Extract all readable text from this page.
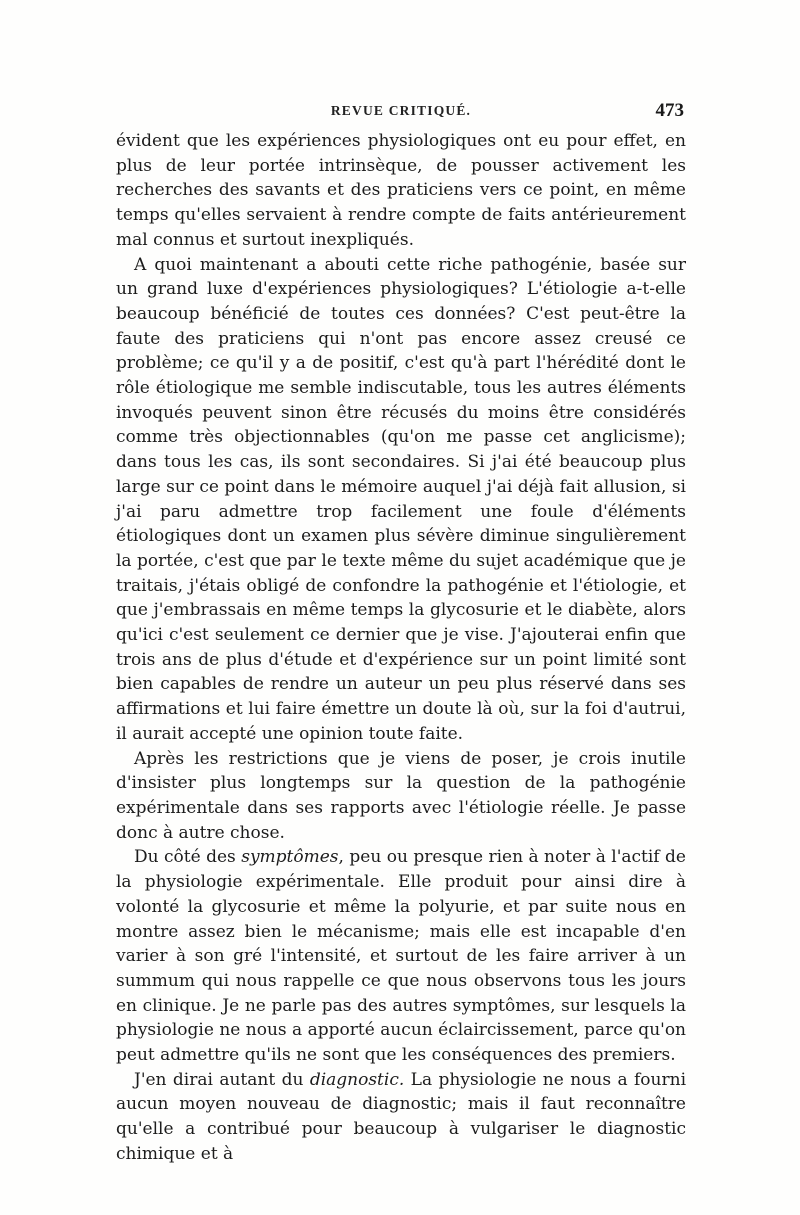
REVUE CRITIQUÉ.	473

évident que les expériences physiologiques ont eu pour effet, en plus de leur portée intrinsèque, de pousser activement les recherches des savants et des praticiens vers ce point, en même temps qu'elles servaient à rendre compte de faits antérieurement mal connus et surtout inexpliqués.

A quoi maintenant a abouti cette riche pathogénie, basée sur un grand luxe d'expériences physiologiques? L'étiologie a-t-elle beaucoup bénéficié de toutes ces données? C'est peut-être la faute des praticiens qui n'ont pas encore assez creusé ce problème; ce qu'il y a de positif, c'est qu'à part l'hérédité dont le rôle étiologique me semble indiscutable, tous les autres éléments invoqués peuvent sinon être récusés du moins être considérés comme très objectionnables (qu'on me passe cet anglicisme); dans tous les cas, ils sont secondaires. Si j'ai été beaucoup plus large sur ce point dans le mémoire auquel j'ai déjà fait allusion, si j'ai paru admettre trop facilement une foule d'éléments étiologiques dont un examen plus sévère diminue singulièrement la portée, c'est que par le texte même du sujet académique que je traitais, j'étais obligé de confondre la pathogénie et l'étiologie, et que j'embrassais en même temps la glycosurie et le diabète, alors qu'ici c'est seulement ce dernier que je vise. J'ajouterai enfin que trois ans de plus d'étude et d'expérience sur un point limité sont bien capables de rendre un auteur un peu plus réservé dans ses affirmations et lui faire émettre un doute là où, sur la foi d'autrui, il aurait accepté une opinion toute faite.

Après les restrictions que je viens de poser, je crois inutile d'insister plus longtemps sur la question de la pathogénie expérimentale dans ses rapports avec l'étiologie réelle. Je passe donc à autre chose.

Du côté des symptômes, peu ou presque rien à noter à l'actif de la physiologie expérimentale. Elle produit pour ainsi dire à volonté la glycosurie et même la polyurie, et par suite nous en montre assez bien le mécanisme; mais elle est incapable d'en varier à son gré l'intensité, et surtout de les faire arriver à un summum qui nous rappelle ce que nous observons tous les jours en clinique. Je ne parle pas des autres symptômes, sur lesquels la physiologie ne nous a apporté aucun éclaircissement, parce qu'on peut admettre qu'ils ne sont que les conséquences des premiers.

J'en dirai autant du diagnostic. La physiologie ne nous a fourni aucun moyen nouveau de diagnostic; mais il faut reconnaître qu'elle a contribué pour beaucoup à vulgariser le diagnostic chimique et à
